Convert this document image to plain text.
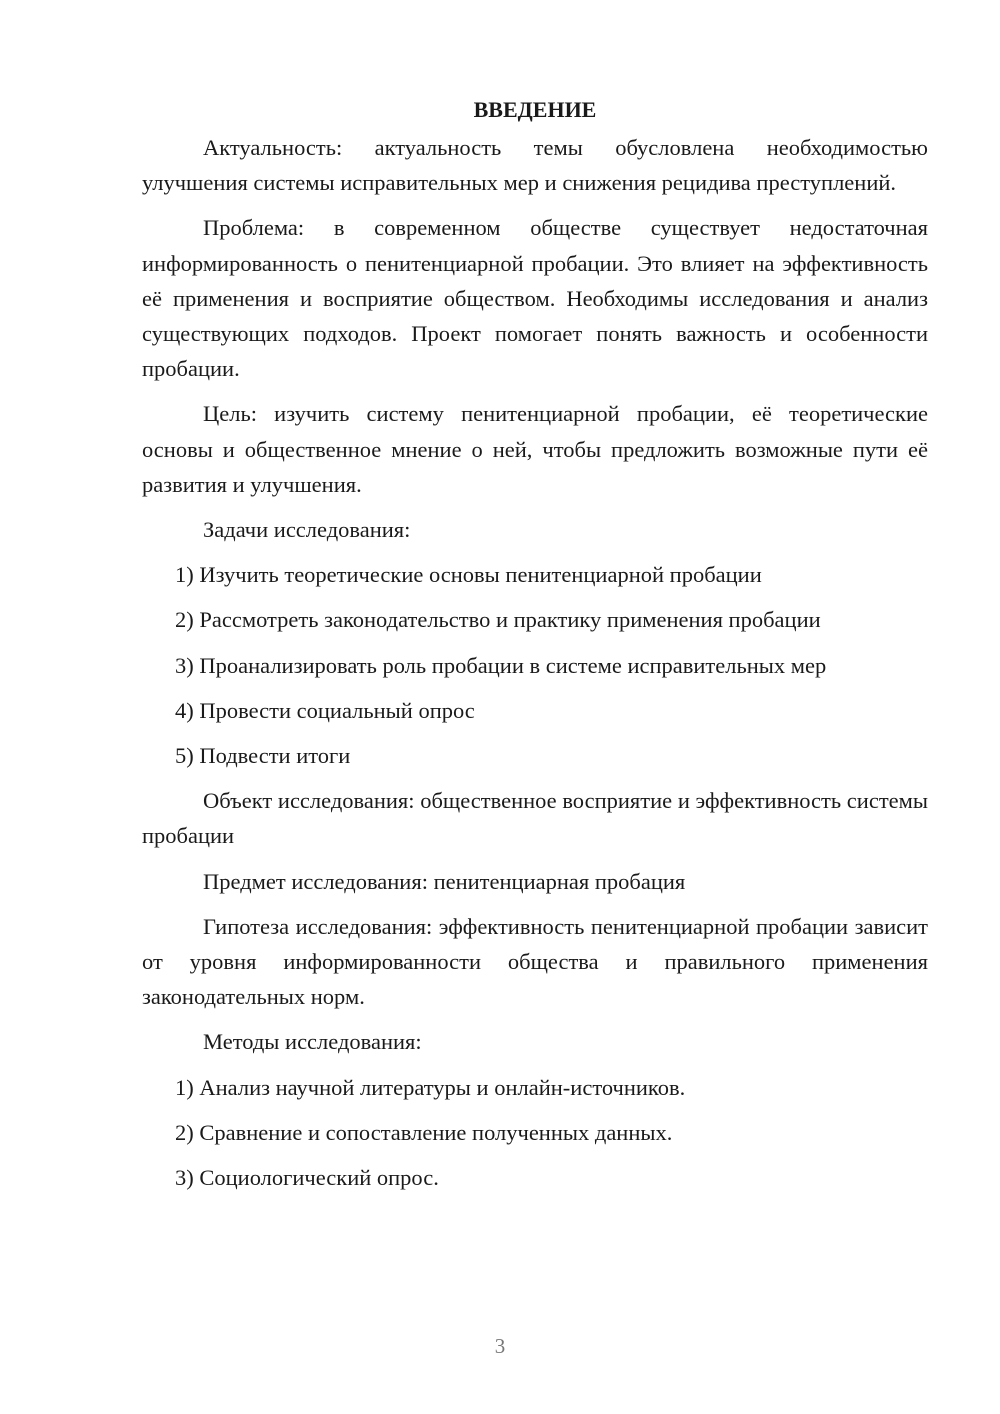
ВВЕДЕНИЕ

Актуальность: актуальность темы обусловлена необходимостью улучшения системы исправительных мер и снижения рецидива преступлений.

Проблема: в современном обществе существует недостаточная информированность о пенитенциарной пробации. Это влияет на эффективность её применения и восприятие обществом. Необходимы исследования и анализ существующих подходов. Проект помогает понять важность и особенности пробации.

Цель: изучить систему пенитенциарной пробации, её теоретические основы и общественное мнение о ней, чтобы предложить возможные пути её развития и улучшения.

Задачи исследования:

1) Изучить теоретические основы пенитенциарной пробации

2) Рассмотреть законодательство и практику применения пробации

3) Проанализировать роль пробации в системе исправительных мер

4) Провести социальный опрос

5) Подвести итоги

Объект исследования: общественное восприятие и эффективность системы пробации

Предмет исследования: пенитенциарная пробация

Гипотеза исследования: эффективность пенитенциарной пробации зависит от уровня информированности общества и правильного применения законодательных норм.

Методы исследования:

1) Анализ научной литературы и онлайн-источников.

2) Сравнение и сопоставление полученных данных.

3) Социологический опрос.

3
